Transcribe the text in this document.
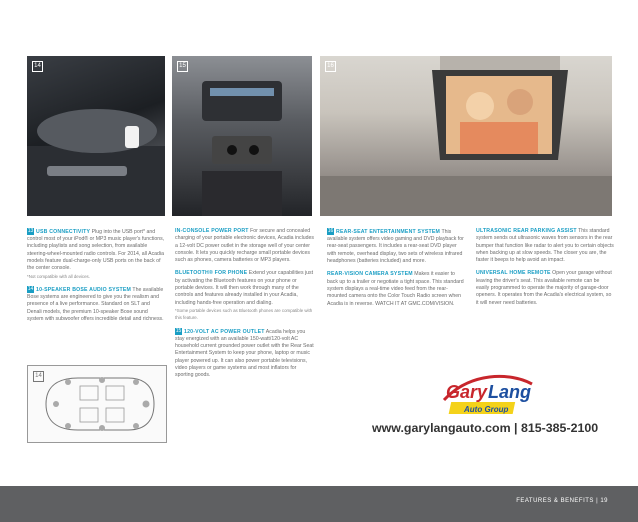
14	15	16

13 USB CONNECTIVITY Plug into the USB port* and control most of your iPod® or MP3 music player's functions, including playlists and song selection, from available steering-wheel-mounted radio controls. For 2014, all Acadia models feature dual-charge-only USB ports on the back of the center console.
*Not compatible with all devices.

14 10-SPEAKER BOSE AUDIO SYSTEM The available Bose systems are engineered to give you the realism and presence of a live performance. Standard on SLT and Denali models, the premium 10-speaker Bose sound system with subwoofer offers incredible detail and richness.

14

IN-CONSOLE POWER PORT For secure and concealed charging of your portable electronic devices, Acadia includes a 12-volt DC power outlet in the storage well of your center console. It lets you quickly recharge small portable devices such as phones, camera batteries or MP3 players.

BLUETOOTH® FOR PHONE Extend your capabilities just by activating the Bluetooth features on your phone or portable devices. It will then work through many of the controls and features already installed in your Acadia, including hands-free operation and dialing.
*Some portable devices such as Bluetooth phones are compatible with this feature.

15 120-VOLT AC POWER OUTLET Acadia helps you stay energized with an available 150-watt/120-volt AC household current grounded power outlet with the Rear Seat Entertainment System to keep your phone, laptop or music player powered up. It can also power portable televisions, video players or game systems and most inflators for sporting goods.

16 REAR-SEAT ENTERTAINMENT SYSTEM This available system offers video gaming and DVD playback for rear-seat passengers. It includes a rear-seat DVD player with remote, overhead display, two sets of wireless infrared headphones (batteries included) and more.

REAR-VISION CAMERA SYSTEM Makes it easier to back up to a trailer or negotiate a tight space. This standard system displays a real-time video feed from the rear-mounted camera onto the Color Touch Radio screen when Acadia is in reverse. WATCH IT AT GMC.COM/VISION.

ULTRASONIC REAR PARKING ASSIST This standard system sends out ultrasonic waves from sensors in the rear bumper that function like radar to alert you to certain objects when backing up at slow speeds. The closer you are, the faster it beeps to help avoid an impact.

UNIVERSAL HOME REMOTE Open your garage without leaving the driver's seat. This available remote can be easily programmed to operate the majority of garage-door openers. It operates from the Acadia's electrical system, so it will never need batteries.

Gary Lang
Auto Group
www.garylangauto.com | 815-385-2100
FEATURES & BENEFITS | 19
